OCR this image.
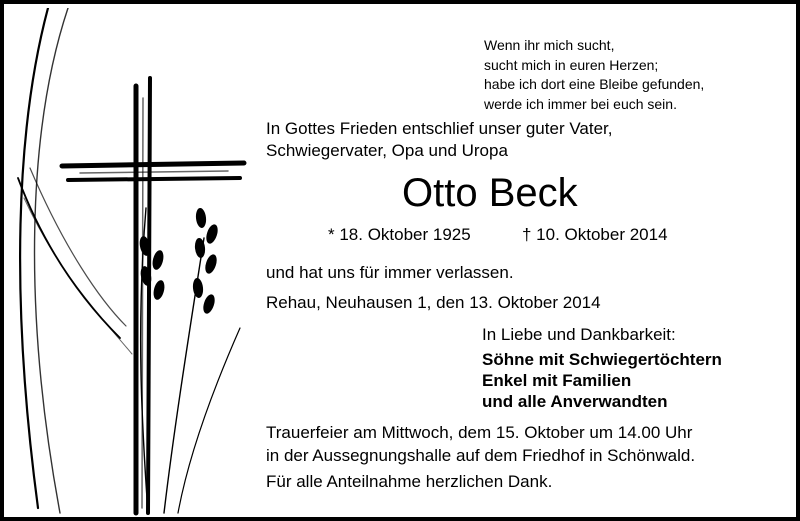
Wenn ihr mich sucht,
sucht mich in euren Herzen;
habe ich dort eine Bleibe gefunden,
werde ich immer bei euch sein.
In Gottes Frieden entschlief unser guter Vater,
Schwiegervater, Opa und Uropa
Otto Beck
* 18. Oktober 1925	† 10. Oktober 2014
und hat uns für immer verlassen.
Rehau, Neuhausen 1, den 13. Oktober 2014
In Liebe und Dankbarkeit:
Söhne mit Schwiegertöchtern
Enkel mit Familien
und alle Anverwandten
Trauerfeier am Mittwoch, dem 15. Oktober um 14.00 Uhr
in der Aussegnungshalle auf dem Friedhof in Schönwald.
Für alle Anteilnahme herzlichen Dank.
